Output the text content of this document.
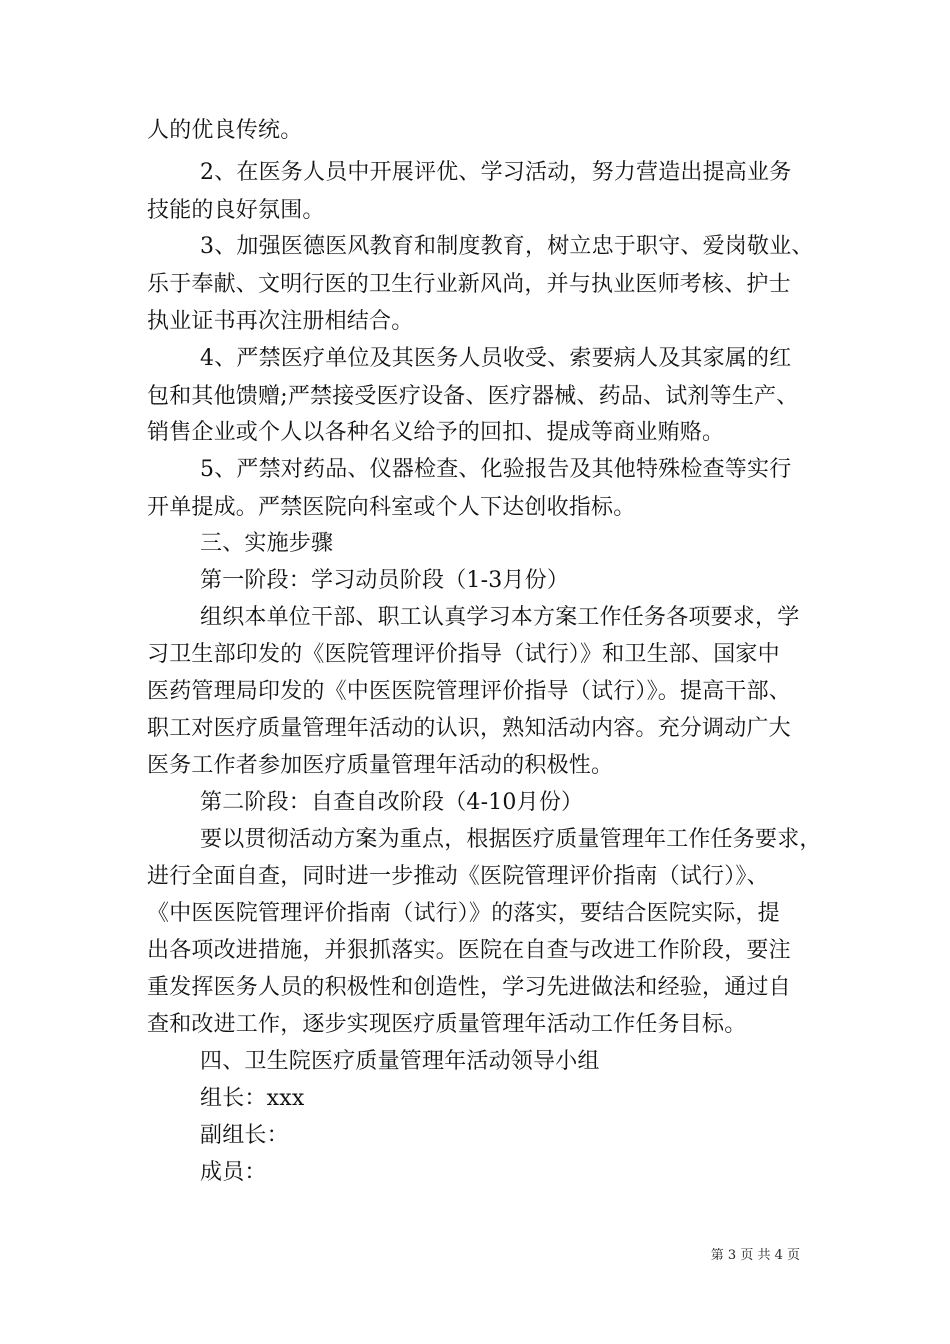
人的优良传统。
2、在医务人员中开展评优、学习活动，努力营造出提高业务
技能的良好氛围。
3、加强医德医风教育和制度教育，树立忠于职守、爱岗敬业、
乐于奉献、文明行医的卫生行业新风尚，并与执业医师考核、护士
执业证书再次注册相结合。
4、严禁医疗单位及其医务人员收受、索要病人及其家属的红
包和其他馈赠;严禁接受医疗设备、医疗器械、药品、试剂等生产、
销售企业或个人以各种名义给予的回扣、提成等商业贿赂。
5、严禁对药品、仪器检查、化验报告及其他特殊检查等实行
开单提成。严禁医院向科室或个人下达创收指标。
三、实施步骤
第一阶段：学习动员阶段（1-3月份）
组织本单位干部、职工认真学习本方案工作任务各项要求，学
习卫生部印发的《医院管理评价指导（试行）》和卫生部、国家中
医药管理局印发的《中医医院管理评价指导（试行）》。提高干部、
职工对医疗质量管理年活动的认识，熟知活动内容。充分调动广大
医务工作者参加医疗质量管理年活动的积极性。
第二阶段：自查自改阶段（4-10月份）
要以贯彻活动方案为重点，根据医疗质量管理年工作任务要求，
进行全面自查，同时进一步推动《医院管理评价指南（试行）》、
《中医医院管理评价指南（试行）》的落实，要结合医院实际，提
出各项改进措施，并狠抓落实。医院在自查与改进工作阶段，要注
重发挥医务人员的积极性和创造性，学习先进做法和经验，通过自
查和改进工作，逐步实现医疗质量管理年活动工作任务目标。
四、卫生院医疗质量管理年活动领导小组
组长：xxx
副组长：
成员：
第 3 页 共 4 页
